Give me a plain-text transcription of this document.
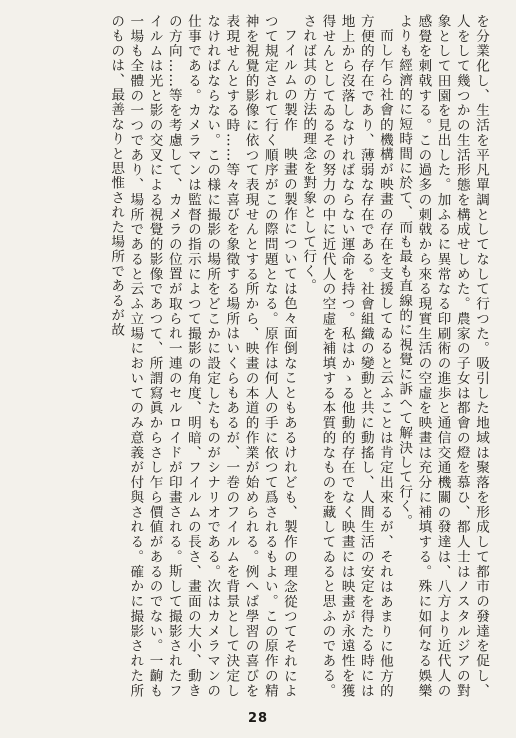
を分業化し、生活を平凡單調としてなして行つた。吸引した地域は聚落を形成して都市の發達を促し、人をして幾つかの生活形態を構成せしめた。農家の子女は都會の燈を慕ひ、都人士はノスタルジアの對象として田園を見出した。加ふるに異常なる印刷術の進歩と通信交通機關の發達は、八方より近代人の感覺を刺戟する。この過多の刺戟から來る現實生活の空虛を映畫は充分に補填する。殊に如何なる娛樂よりも經濟的に短時間に於て、而も最も直線的に視覺に訴へて解決して行く。

而し乍ら社會的機構が映畫の存在を支援してゐると云ふことは肯定出來るが、それはあまりに他方的方便的存在であり、薄弱な存在である。社會組織の變動と共に動搖し、人間生活の安定を得たる時には地上から沒落しなければならない運命を持つ。私はかゝる他動的存在でなく映畫には映畫が永遠性を獲得せんとしてゐるその努力の中に近代人の空虛を補填する本質的なものを藏してゐると思ふのである。されば其の方法的理念を對象として行く。

フイルムの製作　映畫の製作については色々面倒なこともあるけれども、製作の理念從つてそれによつて規定されて行く順序がこの際問題となる。原作は何人の手に依つて爲されるもよい。この原作の精神を視覺的影像に依つて表現せんとする所から、映畫の本道的作業が始められる。例へば學習の喜びを表現せんとする時……等々喜びを象徵する場所はいくらもあるが、一巻のフイルムを背景として決定しなければならない。この様に撮影の場所をどこかに設定したものがシナリオである。次はカメラマンの仕事である。カメラマンは監督の指示によつて撮影の角度、明暗、フイルムの長さ、畫面の大小、動きの方向……等を考慮して、カメラの位置が取られ一連のセルロイドが印畫される。斯して撮影されたフイルムは光と影の交叉による視覺的影像であつて、所謂寫眞からさし乍ら價値があるのでない。一齣も一場も全體の一つであり、場所であると云ふ立場においてのみ意義が付與される。確かに撮影された所のものは、最善なりと思惟された場所であるが故

28
